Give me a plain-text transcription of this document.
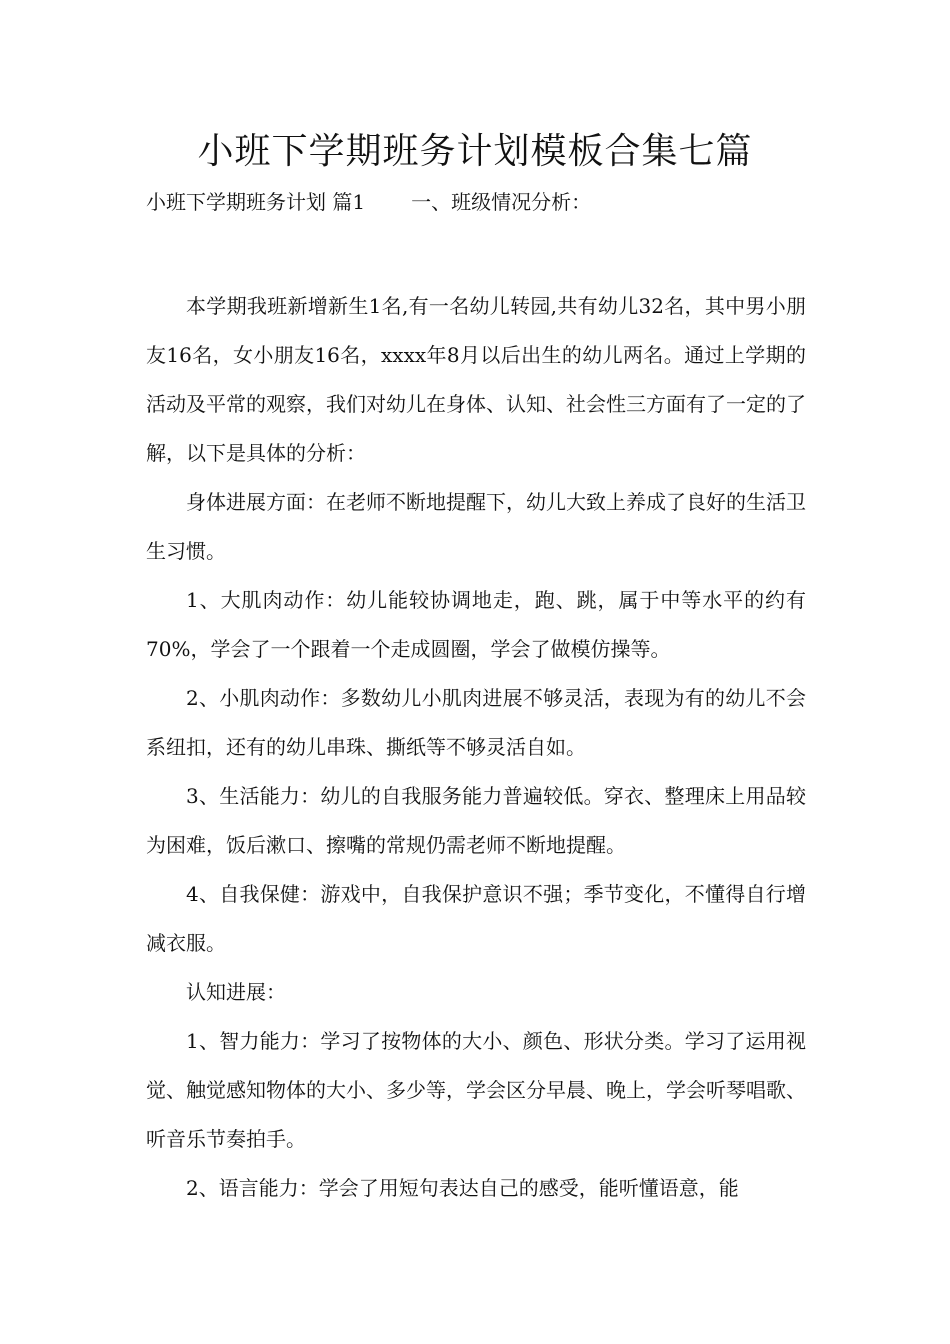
小班下学期班务计划模板合集七篇
小班下学期班务计划 篇1 一、班级情况分析：

本学期我班新增新生1名,有一名幼儿转园,共有幼儿32名，其中男小朋友16名，女小朋友16名，xxxx年8月以后出生的幼儿两名。通过上学期的活动及平常的观察，我们对幼儿在身体、认知、社会性三方面有了一定的了解，以下是具体的分析：

身体进展方面：在老师不断地提醒下，幼儿大致上养成了良好的生活卫生习惯。

1、大肌肉动作：幼儿能较协调地走，跑、跳，属于中等水平的约有70%，学会了一个跟着一个走成圆圈，学会了做模仿操等。

2、小肌肉动作：多数幼儿小肌肉进展不够灵活，表现为有的幼儿不会系纽扣，还有的幼儿串珠、撕纸等不够灵活自如。

3、生活能力：幼儿的自我服务能力普遍较低。穿衣、整理床上用品较为困难，饭后漱口、擦嘴的常规仍需老师不断地提醒。

4、自我保健：游戏中，自我保护意识不强；季节变化，不懂得自行增减衣服。

认知进展：

1、智力能力：学习了按物体的大小、颜色、形状分类。学习了运用视觉、触觉感知物体的大小、多少等，学会区分早晨、晚上，学会听琴唱歌、听音乐节奏拍手。

2、语言能力：学会了用短句表达自己的感受，能听懂语意，能
